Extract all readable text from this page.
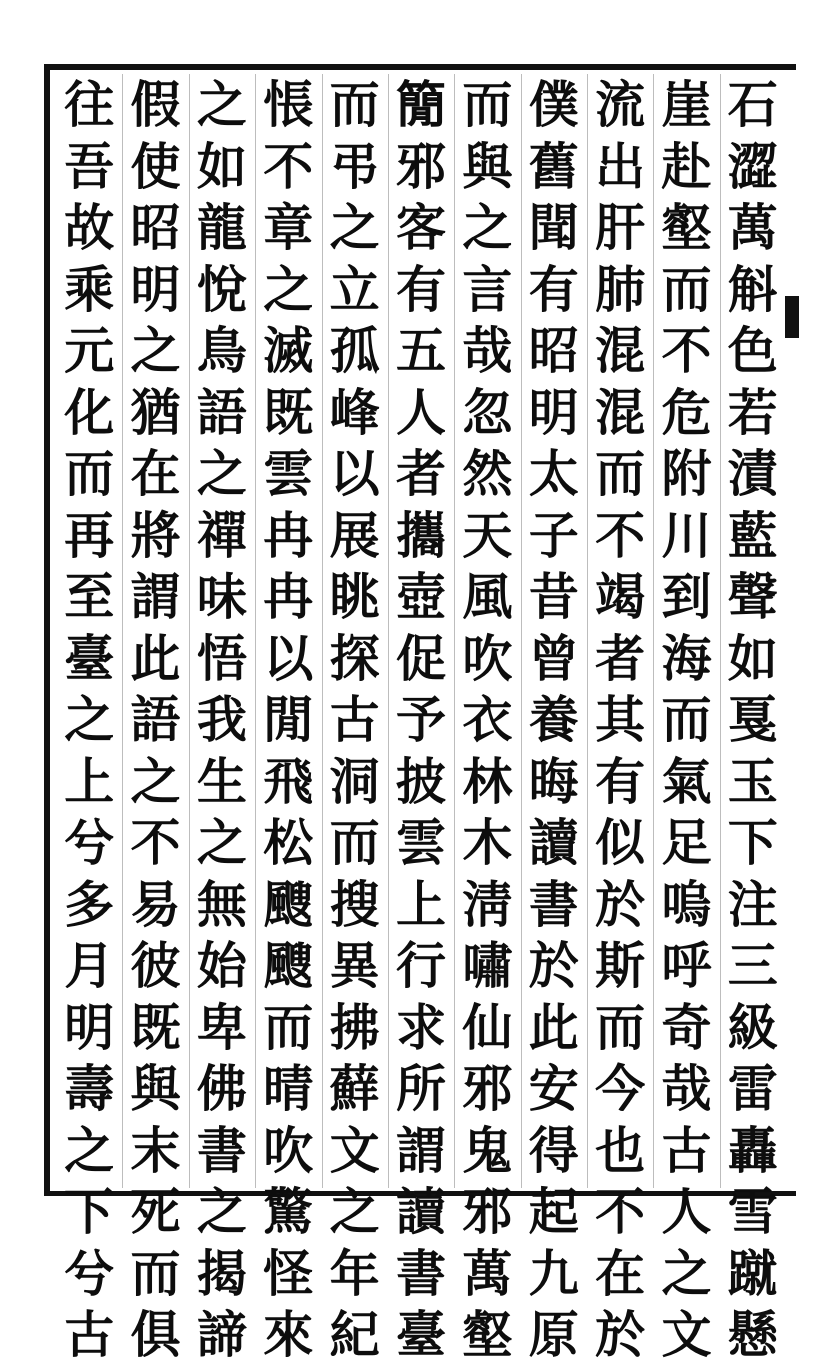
石
澀
萬
斛
色
若
漬
藍
聲
如
戛
玉
下
注
三
級
雷
轟
雪
蹴
懸
崖
赴
壑
而
不
危
附
川
到
海
而
氣
足
嗚
呼
奇
哉
古
人
之
文
流
出
肝
肺
混
混
而
不
竭
者
其
有
似
於
斯
而
今
也
不
在
於
僕
舊
聞
有
昭
明
太
子
昔
曾
養
晦
讀
書
於
此
安
得
起
九
原
而
與
之
言
哉
忽
然
天
風
吹
衣
林
木
淸
嘯
仙
邪
鬼
邪
萬
壑
𥳑
邪
客
有
五
人
者
攜
壺
促
予
披
雲
上
行
求
所
謂
讀
書
臺
而
弔
之
立
孤
峰
以
展
眺
探
古
洞
而
搜
異
拂
蘚
文
之
年
紀
悵
不
章
之
滅
既
雲
冉
冉
以
閒
飛
松
颼
颼
而
晴
吹
驚
怪
來
之
如
龍
悅
鳥
語
之
禪
味
悟
我
生
之
無
始
卑
佛
書
之
揭
諦
假
使
昭
明
之
猶
在
將
謂
此
語
之
不
易
彼
既
與
末
死
而
俱
往
吾
故
乘
元
化
而
再
至
臺
之
上
兮
多
月
明
壽
之
下
兮
古
